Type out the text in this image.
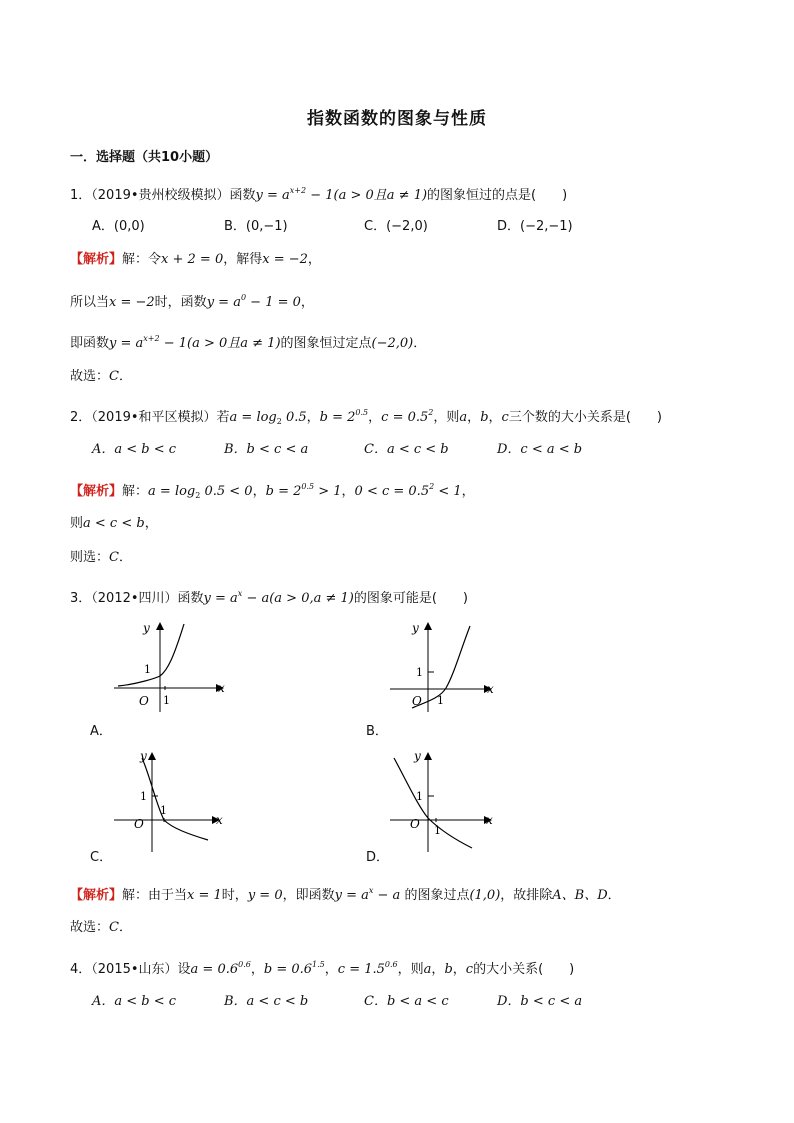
指数函数的图象与性质
一．选择题（共10小题）
1．（2019•贵州校级模拟）函数$y = a^{x+2} - 1(a > 0$且a ≠ 1)的图象恒过的点是(　　)
A．(0,0)	B．(0,−1)	C．(−2,0)	D．(−2,−1)
【解析】解：令x + 2 = 0，解得x = −2，
所以当x = −2时，函数$y = a^0 - 1 = 0$，
即函数$y = a^{x+2} - 1(a > 0$且a ≠ 1)的图象恒过定点(−2,0)．
故选：C．
2．（2019•和平区模拟）若$a = \log_2 0.5$，$b = 2^{0.5}$，$c = 0.5^2$，则a，b，c三个数的大小关系是(　　)
A．a < b < c	B．b < c < a	C．a < c < b	D．c < a < b
【解析】解：$a = \log_2 0.5 < 0$，$b = 2^{0.5} > 1$，$0 < c = 0.5^2 < 1$，
则a < c < b，
则选：C．
3．（2012•四川）函数$y = a^x - a(a > 0,a \ne 1)$的图象可能是(　　)
y
x
O 1
1
A．
y
x
O 1
1
B．
y
x
O
1
1
C．
y
x
O 1
1
D．
【解析】解：由于当x = 1时，y = 0，即函数$y = a^x - a$ 的图象过点(1,0)，故排除A、B、D．
故选：C．
4．（2015•山东）设$a = 0.6^{0.6}$，$b = 0.6^{1.5}$，$c = 1.5^{0.6}$，则a，b，c的大小关系(　　)
A．a < b < c	B．a < c < b	C．b < a < c	D．b < c < a
